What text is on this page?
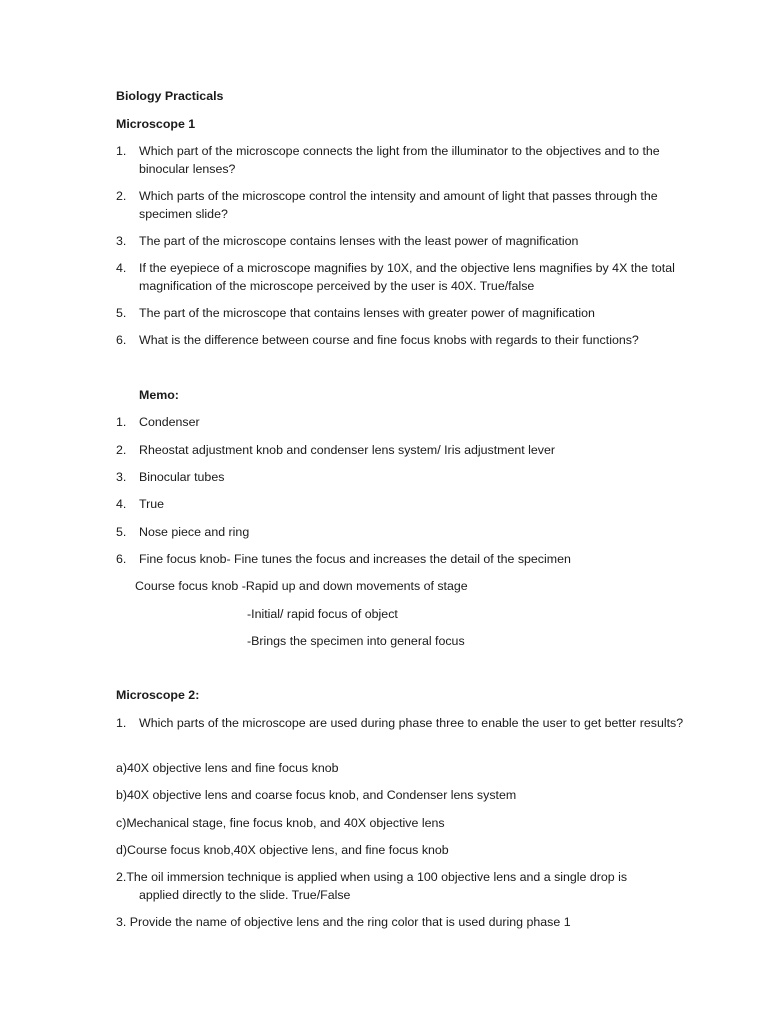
Biology Practicals
Microscope 1
1. Which part of the microscope connects the light from the illuminator to the objectives and to the binocular lenses?
2. Which parts of the microscope control the intensity and amount of light that passes through the specimen slide?
3. The part of the microscope contains lenses with the least power of magnification
4. If the eyepiece of a microscope magnifies by 10X, and the objective lens magnifies by 4X the total magnification of the microscope perceived by the user is 40X. True/false
5. The part of the microscope that contains lenses with greater power of magnification
6. What is the difference between course and fine focus knobs with regards to their functions?
Memo:
1. Condenser
2. Rheostat adjustment knob and condenser lens system/ Iris adjustment lever
3. Binocular tubes
4. True
5. Nose piece and ring
6. Fine focus knob- Fine tunes the focus and increases the detail of the specimen
Course focus knob -Rapid up and down movements of stage
-Initial/ rapid focus of object
-Brings the specimen into general focus
Microscope 2:
1. Which parts of the microscope are used during phase three to enable the user to get better results?
a)40X objective lens and fine focus knob
b)40X objective lens and coarse focus knob, and Condenser lens system
c)Mechanical stage, fine focus knob, and 40X objective lens
d)Course focus knob,40X objective lens, and fine focus knob
2.The oil immersion technique is applied when using a 100 objective lens and a single drop is
applied directly to the slide. True/False
3. Provide the name of objective lens and the ring color that is used during phase 1
